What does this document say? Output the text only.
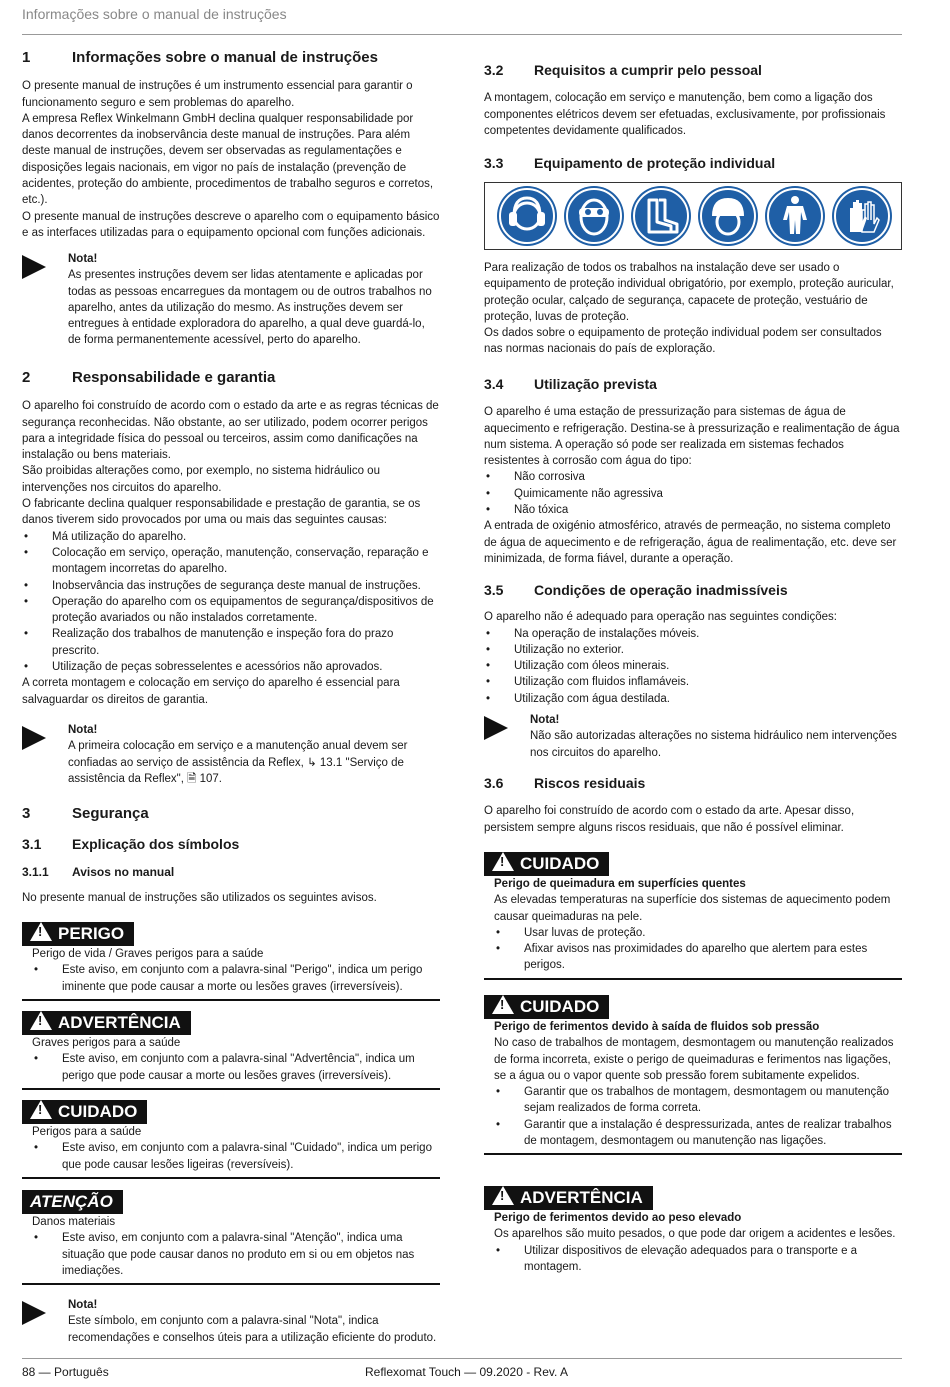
Informações sobre o manual de instruções
1	Informações sobre o manual de instruções

O presente manual de instruções é um instrumento essencial para garantir o funcionamento seguro e sem problemas do aparelho.

A empresa Reflex Winkelmann GmbH declina qualquer responsabilidade por danos decorrentes da inobservância deste manual de instruções. Para além deste manual de instruções, devem ser observadas as regulamentações e disposições legais nacionais, em vigor no país de instalação (prevenção de acidentes, proteção do ambiente, procedimentos de trabalho seguros e corretos, etc.).

O presente manual de instruções descreve o aparelho com o equipamento básico e as interfaces utilizadas para o equipamento opcional com funções adicionais.

Nota!
As presentes instruções devem ser lidas atentamente e aplicadas por todas as pessoas encarregues da montagem ou de outros trabalhos no aparelho, antes da utilização do mesmo. As instruções devem ser entregues à entidade exploradora do aparelho, a qual deve guardá-lo, de forma permanentemente acessível, perto do aparelho.
2	Responsabilidade e garantia

O aparelho foi construído de acordo com o estado da arte e as regras técnicas de segurança reconhecidas. Não obstante, ao ser utilizado, podem ocorrer perigos para a integridade física do pessoal ou terceiros, assim como danificações na instalação ou bens materiais.

São proibidas alterações como, por exemplo, no sistema hidráulico ou intervenções nos circuitos do aparelho.

O fabricante declina qualquer responsabilidade e prestação de garantia, se os danos tiverem sido provocados por uma ou mais das seguintes causas:

• Má utilização do aparelho.
• Colocação em serviço, operação, manutenção, conservação, reparação e montagem incorretas do aparelho.
• Inobservância das instruções de segurança deste manual de instruções.
• Operação do aparelho com os equipamentos de segurança/dispositivos de proteção avariados ou não instalados corretamente.
• Realização dos trabalhos de manutenção e inspeção fora do prazo prescrito.
• Utilização de peças sobresselentes e acessórios não aprovados.

A correta montagem e colocação em serviço do aparelho é essencial para salvaguardar os direitos de garantia.

Nota!
A primeira colocação em serviço e a manutenção anual devem ser confiadas ao serviço de assistência da Reflex, ↳ 13.1 "Serviço de assistência da Reflex", 🗎 107.
3	Segurança
3.1 Explicação dos símbolos
3.1.1 Avisos no manual

No presente manual de instruções são utilizados os seguintes avisos.

! PERIGO
Perigo de vida / Graves perigos para a saúde
• Este aviso, em conjunto com a palavra-sinal "Perigo", indica um perigo iminente que pode causar a morte ou lesões graves (irreversíveis).
! ADVERTÊNCIA
Graves perigos para a saúde
• Este aviso, em conjunto com a palavra-sinal "Advertência", indica um perigo que pode causar a morte ou lesões graves (irreversíveis).
! CUIDADO
Perigos para a saúde
• Este aviso, em conjunto com a palavra-sinal "Cuidado", indica um perigo que pode causar lesões ligeiras (reversíveis).
ATENÇÃO
Danos materiais
• Este aviso, em conjunto com a palavra-sinal "Atenção", indica uma situação que pode causar danos no produto em si ou em objetos nas imediações.
Nota!
Este símbolo, em conjunto com a palavra-sinal "Nota", indica recomendações e conselhos úteis para a utilização eficiente do produto.
3.2 Requisitos a cumprir pelo pessoal

A montagem, colocação em serviço e manutenção, bem como a ligação dos componentes elétricos devem ser efetuadas, exclusivamente, por profissionais competentes devidamente qualificados.

3.3 Equipamento de proteção individual

Para realização de todos os trabalhos na instalação deve ser usado o equipamento de proteção individual obrigatório, por exemplo, proteção auricular, proteção ocular, calçado de segurança, capacete de proteção, vestuário de proteção, luvas de proteção.

Os dados sobre o equipamento de proteção individual podem ser consultados nas normas nacionais do país de exploração.

3.4 Utilização prevista

O aparelho é uma estação de pressurização para sistemas de água de aquecimento e refrigeração. Destina-se à pressurização e realimentação de água num sistema. A operação só pode ser realizada em sistemas fechados resistentes à corrosão com água do tipo:

• Não corrosiva
• Quimicamente não agressiva
• Não tóxica

A entrada de oxigénio atmosférico, através de permeação, no sistema completo de água de aquecimento e de refrigeração, água de realimentação, etc. deve ser minimizada, de forma fiável, durante a operação.

3.5 Condições de operação inadmissíveis

O aparelho não é adequado para operação nas seguintes condições:

• Na operação de instalações móveis.
• Utilização no exterior.
• Utilização com óleos minerais.
• Utilização com fluidos inflamáveis.
• Utilização com água destilada.
Nota!
Não são autorizadas alterações no sistema hidráulico nem intervenções nos circuitos do aparelho.
3.6 Riscos residuais

O aparelho foi construído de acordo com o estado da arte. Apesar disso, persistem sempre alguns riscos residuais, que não é possível eliminar.

! CUIDADO
Perigo de queimadura em superfícies quentes
As elevadas temperaturas na superfície dos sistemas de aquecimento podem causar queimaduras na pele.
• Usar luvas de proteção.
• Afixar avisos nas proximidades do aparelho que alertem para estes perigos.
! CUIDADO
Perigo de ferimentos devido à saída de fluidos sob pressão
No caso de trabalhos de montagem, desmontagem ou manutenção realizados de forma incorreta, existe o perigo de queimaduras e ferimentos nas ligações, se a água ou o vapor quente sob pressão forem subitamente expelidos.
• Garantir que os trabalhos de montagem, desmontagem ou manutenção sejam realizados de forma correta.
• Garantir que a instalação é despressurizada, antes de realizar trabalhos de montagem, desmontagem ou manutenção nas ligações.
! ADVERTÊNCIA
Perigo de ferimentos devido ao peso elevado
Os aparelhos são muito pesados, o que pode dar origem a acidentes e lesões.
• Utilizar dispositivos de elevação adequados para o transporte e a montagem.
88 — Português	Reflexomat Touch — 09.2020 - Rev. A
